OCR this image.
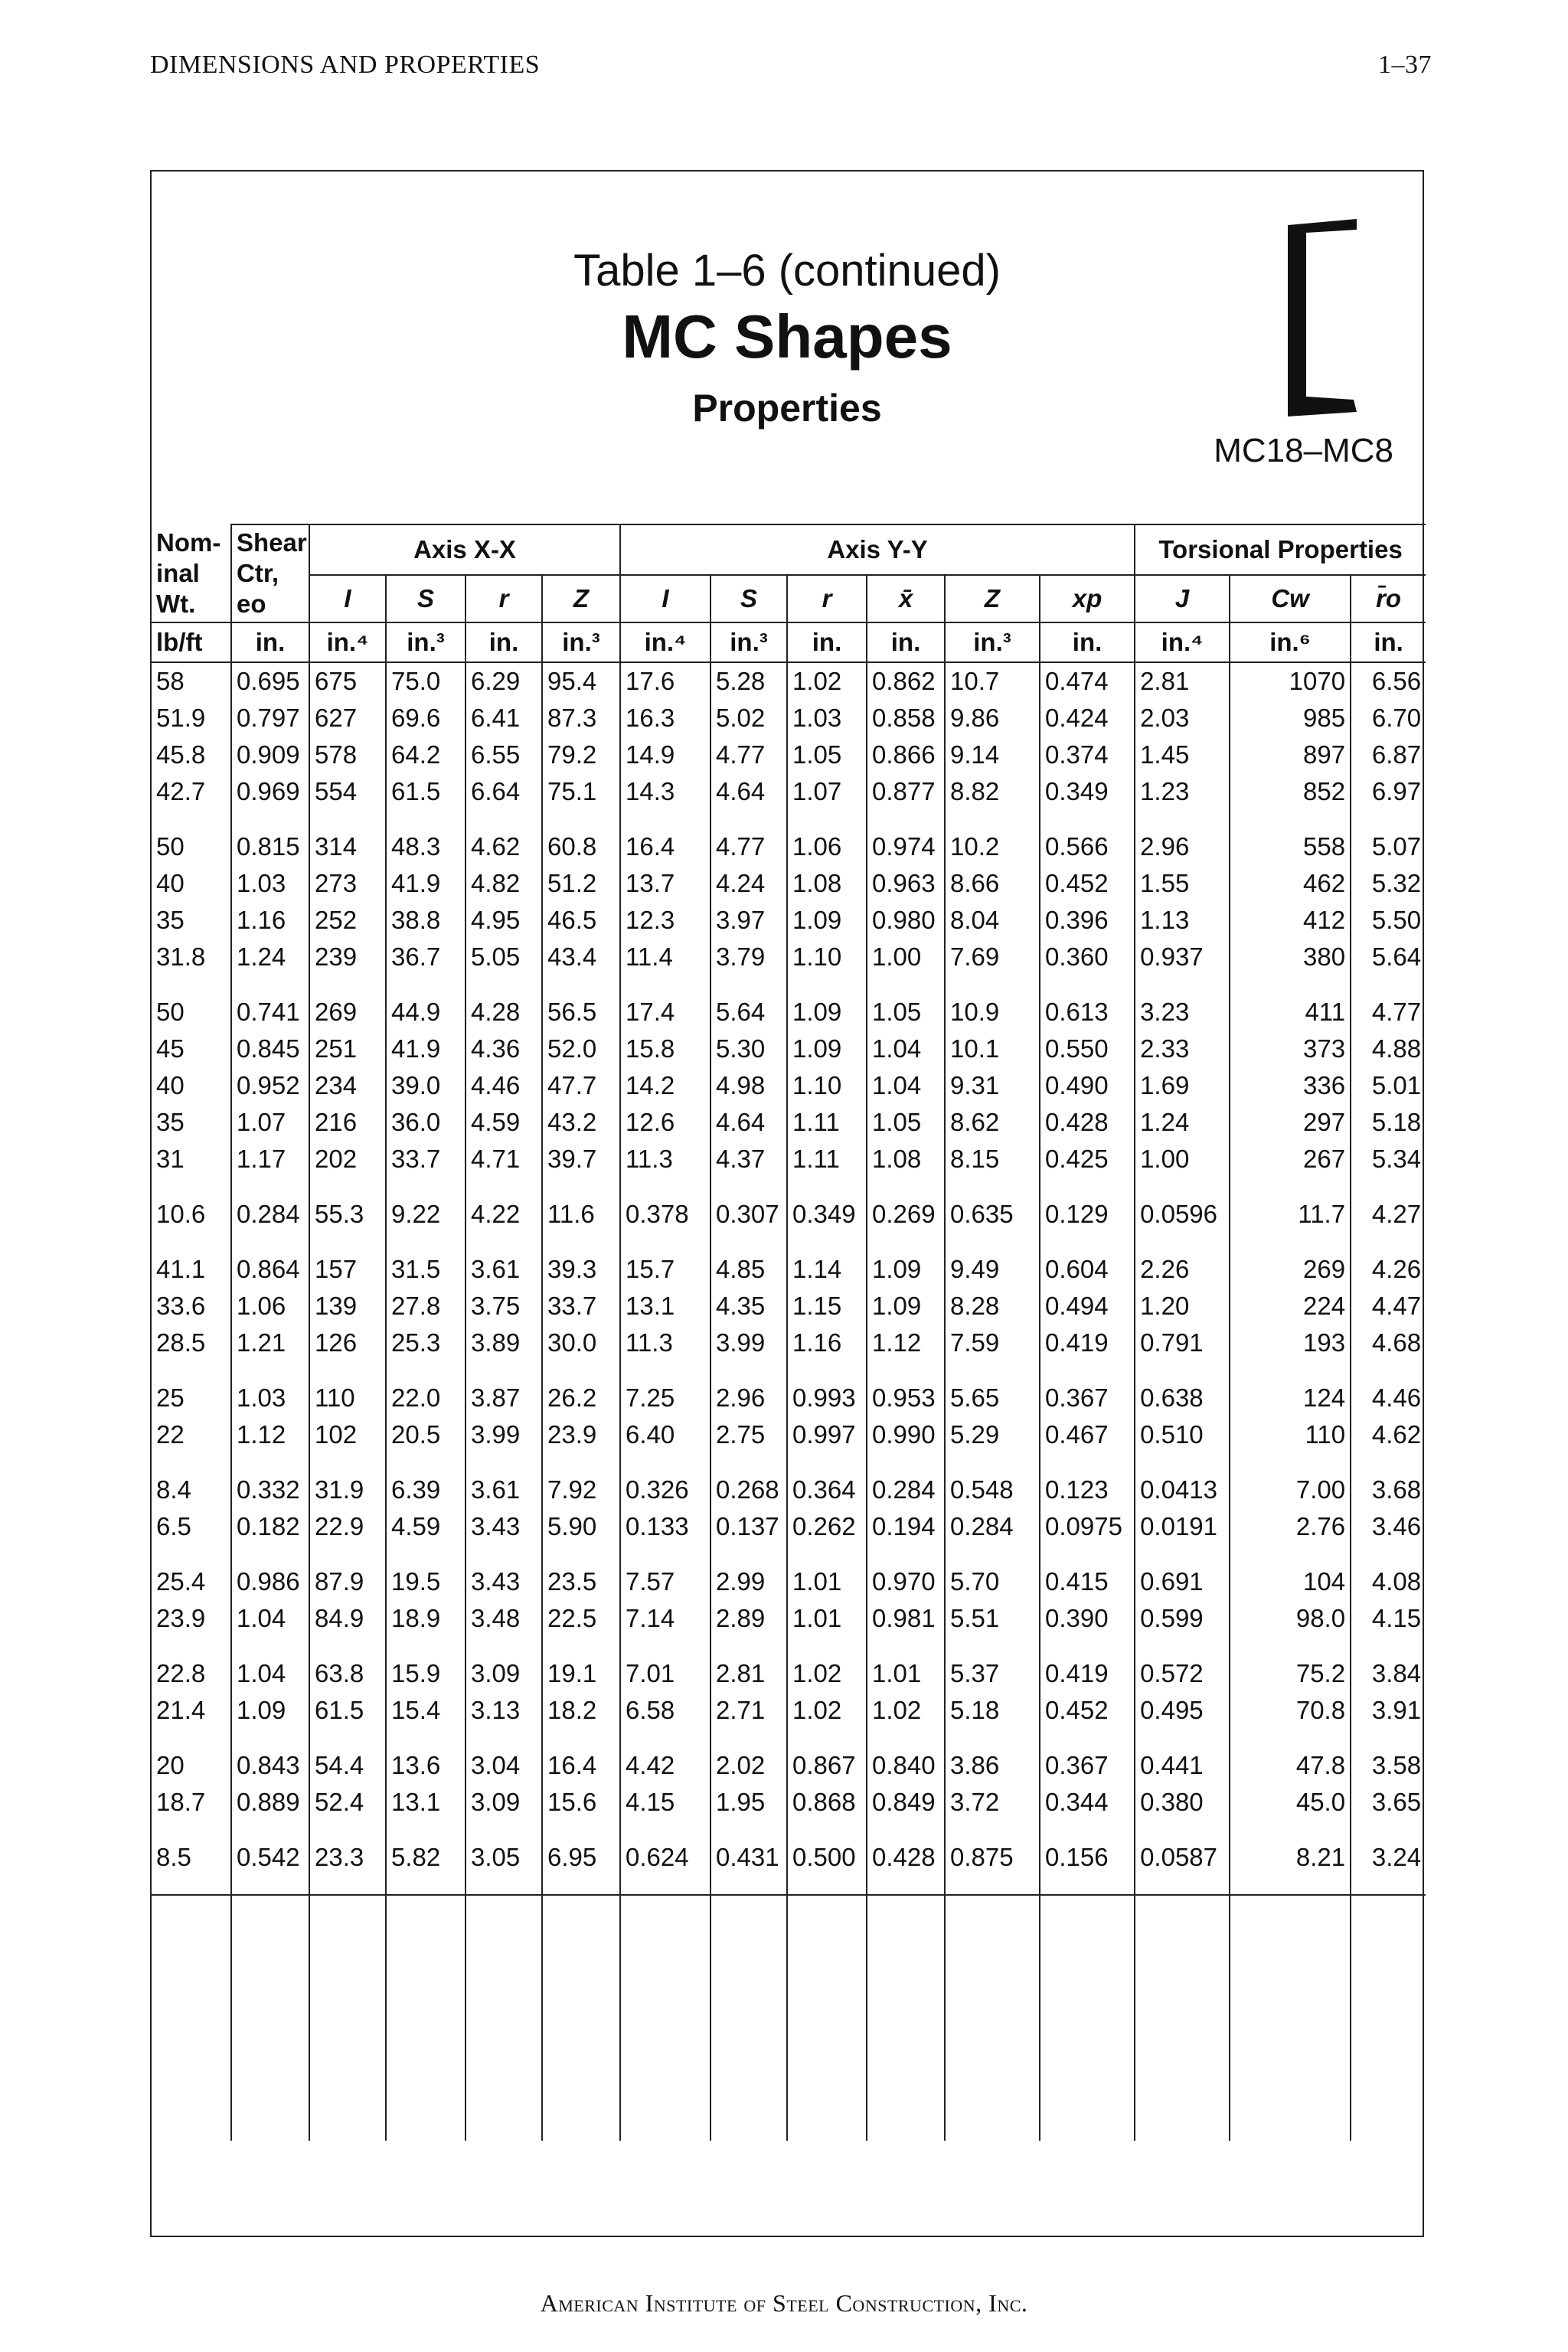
DIMENSIONS AND PROPERTIES	1–37
Table 1–6 (continued)
MC Shapes
Properties
MC18–MC8
Nom-inal Wt.	Shear Ctr, eo	Axis X-X				Axis Y-Y						Torsional Properties		
		I	S	r	Z	I	S	r	x̄	Z	xp	J	Cw	r̄o
lb/ft	in.	in.⁴	in.³	in.	in.³	in.⁴	in.³	in.	in.	in.³	in.	in.⁴	in.⁶	in.
58	0.695	675	75.0	6.29	95.4	17.6	5.28	1.02	0.862	10.7	0.474	2.81	1070	6.56
51.9	0.797	627	69.6	6.41	87.3	16.3	5.02	1.03	0.858	9.86	0.424	2.03	985	6.70
45.8	0.909	578	64.2	6.55	79.2	14.9	4.77	1.05	0.866	9.14	0.374	1.45	897	6.87
42.7	0.969	554	61.5	6.64	75.1	14.3	4.64	1.07	0.877	8.82	0.349	1.23	852	6.97

50	0.815	314	48.3	4.62	60.8	16.4	4.77	1.06	0.974	10.2	0.566	2.96	558	5.07
40	1.03	273	41.9	4.82	51.2	13.7	4.24	1.08	0.963	8.66	0.452	1.55	462	5.32
35	1.16	252	38.8	4.95	46.5	12.3	3.97	1.09	0.980	8.04	0.396	1.13	412	5.50
31.8	1.24	239	36.7	5.05	43.4	11.4	3.79	1.10	1.00	7.69	0.360	0.937	380	5.64

50	0.741	269	44.9	4.28	56.5	17.4	5.64	1.09	1.05	10.9	0.613	3.23	411	4.77
45	0.845	251	41.9	4.36	52.0	15.8	5.30	1.09	1.04	10.1	0.550	2.33	373	4.88
40	0.952	234	39.0	4.46	47.7	14.2	4.98	1.10	1.04	9.31	0.490	1.69	336	5.01
35	1.07	216	36.0	4.59	43.2	12.6	4.64	1.11	1.05	8.62	0.428	1.24	297	5.18
31	1.17	202	33.7	4.71	39.7	11.3	4.37	1.11	1.08	8.15	0.425	1.00	267	5.34

10.6	0.284	55.3	9.22	4.22	11.6	0.378	0.307	0.349	0.269	0.635	0.129	0.0596	11.7	4.27

41.1	0.864	157	31.5	3.61	39.3	15.7	4.85	1.14	1.09	9.49	0.604	2.26	269	4.26
33.6	1.06	139	27.8	3.75	33.7	13.1	4.35	1.15	1.09	8.28	0.494	1.20	224	4.47
28.5	1.21	126	25.3	3.89	30.0	11.3	3.99	1.16	1.12	7.59	0.419	0.791	193	4.68

25	1.03	110	22.0	3.87	26.2	7.25	2.96	0.993	0.953	5.65	0.367	0.638	124	4.46
22	1.12	102	20.5	3.99	23.9	6.40	2.75	0.997	0.990	5.29	0.467	0.510	110	4.62

8.4	0.332	31.9	6.39	3.61	7.92	0.326	0.268	0.364	0.284	0.548	0.123	0.0413	7.00	3.68
6.5	0.182	22.9	4.59	3.43	5.90	0.133	0.137	0.262	0.194	0.284	0.0975	0.0191	2.76	3.46

25.4	0.986	87.9	19.5	3.43	23.5	7.57	2.99	1.01	0.970	5.70	0.415	0.691	104	4.08
23.9	1.04	84.9	18.9	3.48	22.5	7.14	2.89	1.01	0.981	5.51	0.390	0.599	98.0	4.15

22.8	1.04	63.8	15.9	3.09	19.1	7.01	2.81	1.02	1.01	5.37	0.419	0.572	75.2	3.84
21.4	1.09	61.5	15.4	3.13	18.2	6.58	2.71	1.02	1.02	5.18	0.452	0.495	70.8	3.91

20	0.843	54.4	13.6	3.04	16.4	4.42	2.02	0.867	0.840	3.86	0.367	0.441	47.8	3.58
18.7	0.889	52.4	13.1	3.09	15.6	4.15	1.95	0.868	0.849	3.72	0.344	0.380	45.0	3.65

8.5	0.542	23.3	5.82	3.05	6.95	0.624	0.431	0.500	0.428	0.875	0.156	0.0587	8.21	3.24

American Institute of Steel Construction, Inc.
